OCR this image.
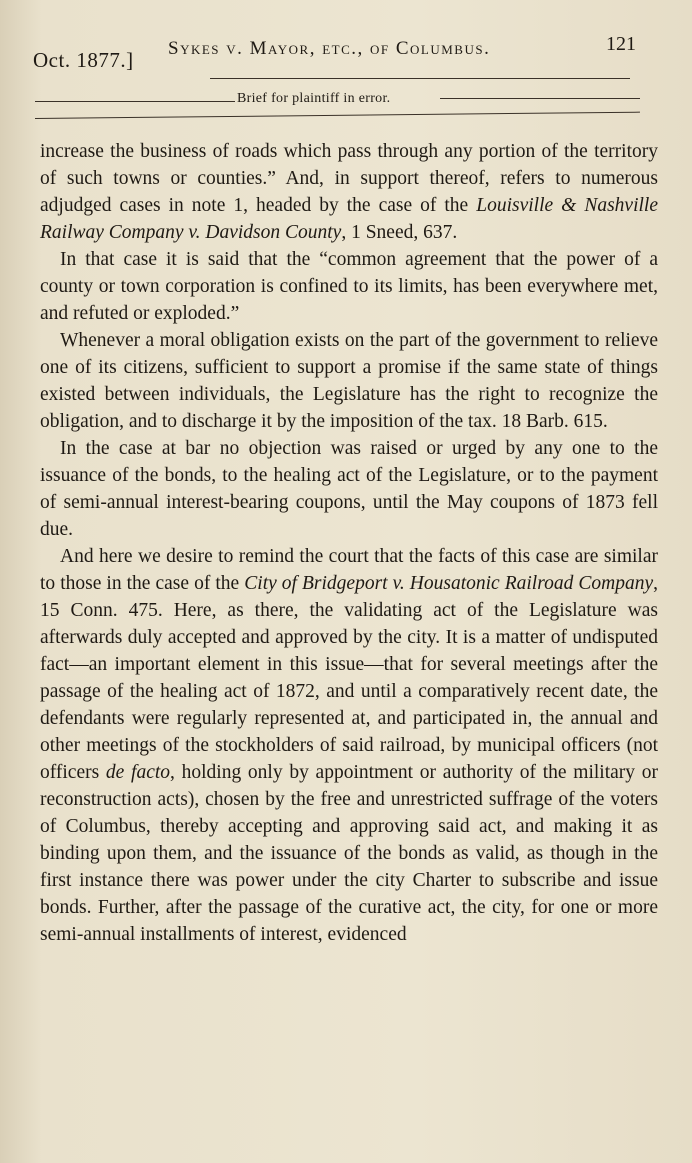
Oct. 1877.] Sykes v. Mayor, etc., of Columbus.	121
Brief for plaintiff in error.

increase the business of roads which pass through any portion of the territory of such towns or counties.” And, in support thereof, refers to numerous adjudged cases in note 1, headed by the case of the Louisville & Nashville Railway Company v. Davidson County, 1 Sneed, 637.

In that case it is said that the “common agreement that the power of a county or town corporation is confined to its limits, has been everywhere met, and refuted or exploded.”

Whenever a moral obligation exists on the part of the government to relieve one of its citizens, sufficient to support a promise if the same state of things existed between individuals, the Legislature has the right to recognize the obligation, and to discharge it by the imposition of the tax. 18 Barb. 615.

In the case at bar no objection was raised or urged by any one to the issuance of the bonds, to the healing act of the Legislature, or to the payment of semi-annual interest-bearing coupons, until the May coupons of 1873 fell due.

And here we desire to remind the court that the facts of this case are similar to those in the case of the City of Bridgeport v. Housatonic Railroad Company, 15 Conn. 475. Here, as there, the validating act of the Legislature was afterwards duly accepted and approved by the city. It is a matter of undisputed fact—an important element in this issue—that for several meetings after the passage of the healing act of 1872, and until a comparatively recent date, the defendants were regularly represented at, and participated in, the annual and other meetings of the stockholders of said railroad, by municipal officers (not officers de facto, holding only by appointment or authority of the military or reconstruction acts), chosen by the free and unrestricted suffrage of the voters of Columbus, thereby accepting and approving said act, and making it as binding upon them, and the issuance of the bonds as valid, as though in the first instance there was power under the city Charter to subscribe and issue bonds. Further, after the passage of the curative act, the city, for one or more semi-annual installments of interest, evidenced
